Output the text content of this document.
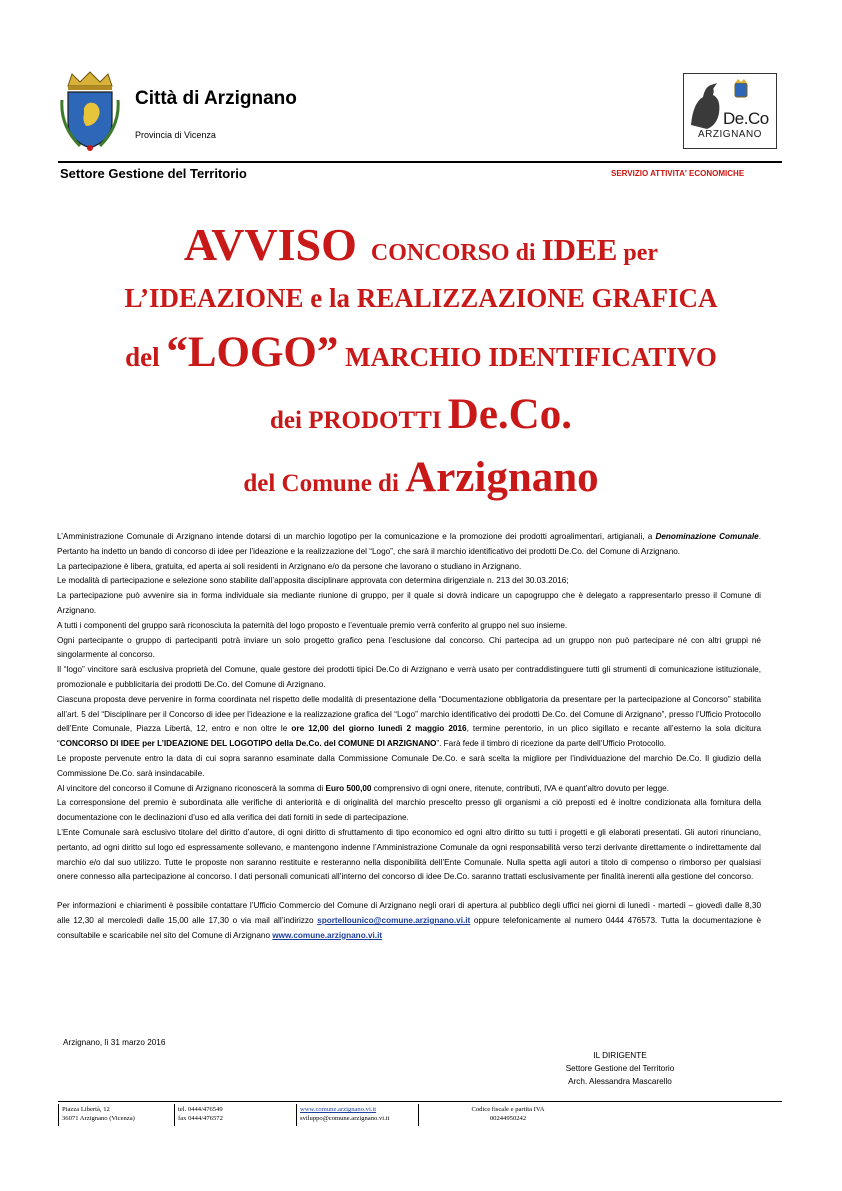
Città di Arzignano
Provincia di Vicenza
De.Co
ARZIGNANO
Settore Gestione del Territorio	SERVIZIO ATTIVITA' ECONOMICHE
AVVISO CONCORSO di IDEE per
L’IDEAZIONE e la REALIZZAZIONE GRAFICA
del “LOGO” MARCHIO IDENTIFICATIVO
dei PRODOTTI De.Co.
del Comune di Arzignano

L’Amministrazione Comunale di Arzignano intende dotarsi di un marchio logotipo per la comunicazione e la promozione dei prodotti agroalimentari, artigianali, a Denominazione Comunale. Pertanto ha indetto un bando di concorso di idee per l’ideazione e la realizzazione del “Logo”, che sarà il marchio identificativo dei prodotti De.Co. del Comune di Arzignano.

La partecipazione è libera, gratuita, ed aperta ai soli residenti in Arzignano e/o da persone che lavorano o studiano in Arzignano.

Le modalità di partecipazione e selezione sono stabilite dall’apposita disciplinare approvata con determina dirigenziale n. 213 del 30.03.2016;

La partecipazione può avvenire sia in forma individuale sia mediante riunione di gruppo, per il quale si dovrà indicare un capogruppo che è delegato a rappresentarlo presso il Comune di Arzignano.

A tutti i componenti del gruppo sarà riconosciuta la paternità del logo proposto e l’eventuale premio verrà conferito al gruppo nel suo insieme.

Ogni partecipante o gruppo di partecipanti potrà inviare un solo progetto grafico pena l’esclusione dal concorso. Chi partecipa ad un gruppo non può partecipare né con altri gruppi né singolarmente al concorso.

Il “logo” vincitore sarà esclusiva proprietà del Comune, quale gestore dei prodotti tipici De.Co di Arzignano e verrà usato per contraddistinguere tutti gli strumenti di comunicazione istituzionale, promozionale e pubblicitaria dei prodotti De.Co. del Comune di Arzignano.

Ciascuna proposta deve pervenire in forma coordinata nel rispetto delle modalità di presentazione della “Documentazione obbligatoria da presentare per la partecipazione al Concorso” stabilita all’art. 5 del “Disciplinare per il Concorso di idee per l’ideazione e la realizzazione grafica del “Logo” marchio identificativo dei prodotti De.Co. del Comune di Arzignano”, presso l’Ufficio Protocollo dell’Ente Comunale, Piazza Libertà, 12, entro e non oltre le ore 12,00 del giorno lunedì 2 maggio 2016, termine perentorio, in un plico sigillato e recante all’esterno la sola dicitura “CONCORSO DI IDEE per L’IDEAZIONE DEL LOGOTIPO della De.Co. del COMUNE DI ARZIGNANO”. Farà fede il timbro di ricezione da parte dell’Ufficio Protocollo.

Le proposte pervenute entro la data di cui sopra saranno esaminate dalla Commissione Comunale De.Co. e sarà scelta la migliore per l’individuazione del marchio De.Co. Il giudizio della Commissione De.Co. sarà insindacabile.

Al vincitore del concorso il Comune di Arzignano riconoscerà la somma di Euro 500,00 comprensivo di ogni onere, ritenute, contributi, IVA e quant’altro dovuto per legge.

La corresponsione del premio è subordinata alle verifiche di anteriorità e di originalità del marchio prescelto presso gli organismi a ciò preposti ed è inoltre condizionata alla fornitura della documentazione con le declinazioni d’uso ed alla verifica dei dati forniti in sede di partecipazione.

L’Ente Comunale sarà esclusivo titolare del diritto d’autore, di ogni diritto di sfruttamento di tipo economico ed ogni altro diritto su tutti i progetti e gli elaborati presentati. Gli autori rinunciano, pertanto, ad ogni diritto sul logo ed espressamente sollevano, e mantengono indenne l’Amministrazione Comunale da ogni responsabilità verso terzi derivante direttamente o indirettamente dal marchio e/o dal suo utilizzo. Tutte le proposte non saranno restituite e resteranno nella disponibilità dell’Ente Comunale. Nulla spetta agli autori a titolo di compenso o rimborso per qualsiasi onere connesso alla partecipazione al concorso. I dati personali comunicati all’interno del concorso di idee De.Co. saranno trattati esclusivamente per finalità inerenti alla gestione del concorso.

Per informazioni e chiarimenti è possibile contattare l’Ufficio Commercio del Comune di Arzignano negli orari di apertura al pubblico degli uffici nei giorni di lunedì - martedì – giovedì dalle 8,30 alle 12,30 al mercoledì dalle 15,00 alle 17,30 o via mail all’indirizzo sportellounico@comune.arzignano.vi.it oppure telefonicamente al numero 0444 476573. Tutta la documentazione è consultabile e scaricabile nel sito del Comune di Arzignano www.comune.arzignano.vi.it

Arzignano, lì 31 marzo 2016
IL DIRIGENTE
Settore Gestione del Territorio
Arch. Alessandra Mascarello
Piazza Libertà, 12
36071 Arzignano (Vicenza)
tel. 0444/476549
fax 0444/476572
www.comune.arzignano.vi.it
sviluppo@comune.arzignano.vi.it
Codice fiscale e partita IVA
00244950242
